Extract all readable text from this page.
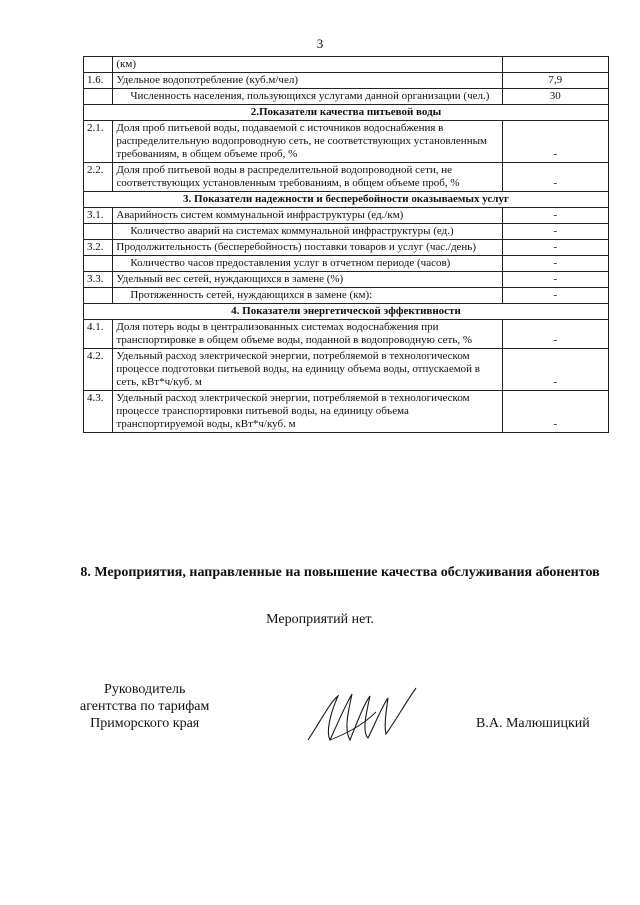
3
	(км)	
1.6.	Удельное водопотребление (куб.м/чел)	7,9
	Численность населения, пользующихся услугами данной организации (чел.)	30
2.Показатели качества питьевой воды		
2.1.	Доля проб питьевой воды, подаваемой с источников водоснабжения в распределительную водопроводную сеть, не соответствующих установленным требованиям, в общем объеме проб, %	-
2.2.	Доля проб питьевой воды в распределительной водопроводной сети, не соответствующих установленным требованиям, в общем объеме проб, %	-
3. Показатели надежности и бесперебойности оказываемых услуг		
3.1.	Аварийность систем коммунальной инфраструктуры (ед./км)	-
	Количество аварий на системах коммунальной инфраструктуры (ед.)	-
3.2.	Продолжительность (бесперебойность) поставки товаров и услуг (час./день)	-
	Количество часов предоставления услуг в отчетном периоде (часов)	-
3.3.	Удельный вес сетей, нуждающихся в замене (%)	-
	Протяженность сетей, нуждающихся в замене (км):	-
4. Показатели энергетической эффективности		
4.1.	Доля потерь воды в централизованных системах водоснабжения при транспортировке в общем объеме воды, поданной в водопроводную сеть, %	-
4.2.	Удельный расход электрической энергии, потребляемой в технологическом процессе подготовки питьевой воды, на единицу объема воды, отпускаемой в сеть, кВт*ч/куб. м	-
4.3.	Удельный расход электрической энергии, потребляемой в технологическом процессе транспортировки питьевой воды, на единицу объема транспортируемой воды, кВт*ч/куб. м	-
8. Мероприятия, направленные на повышение качества обслуживания абонентов
Мероприятий нет.
Руководитель
агентства по тарифам
Приморского края	В.А. Малюшицкий
